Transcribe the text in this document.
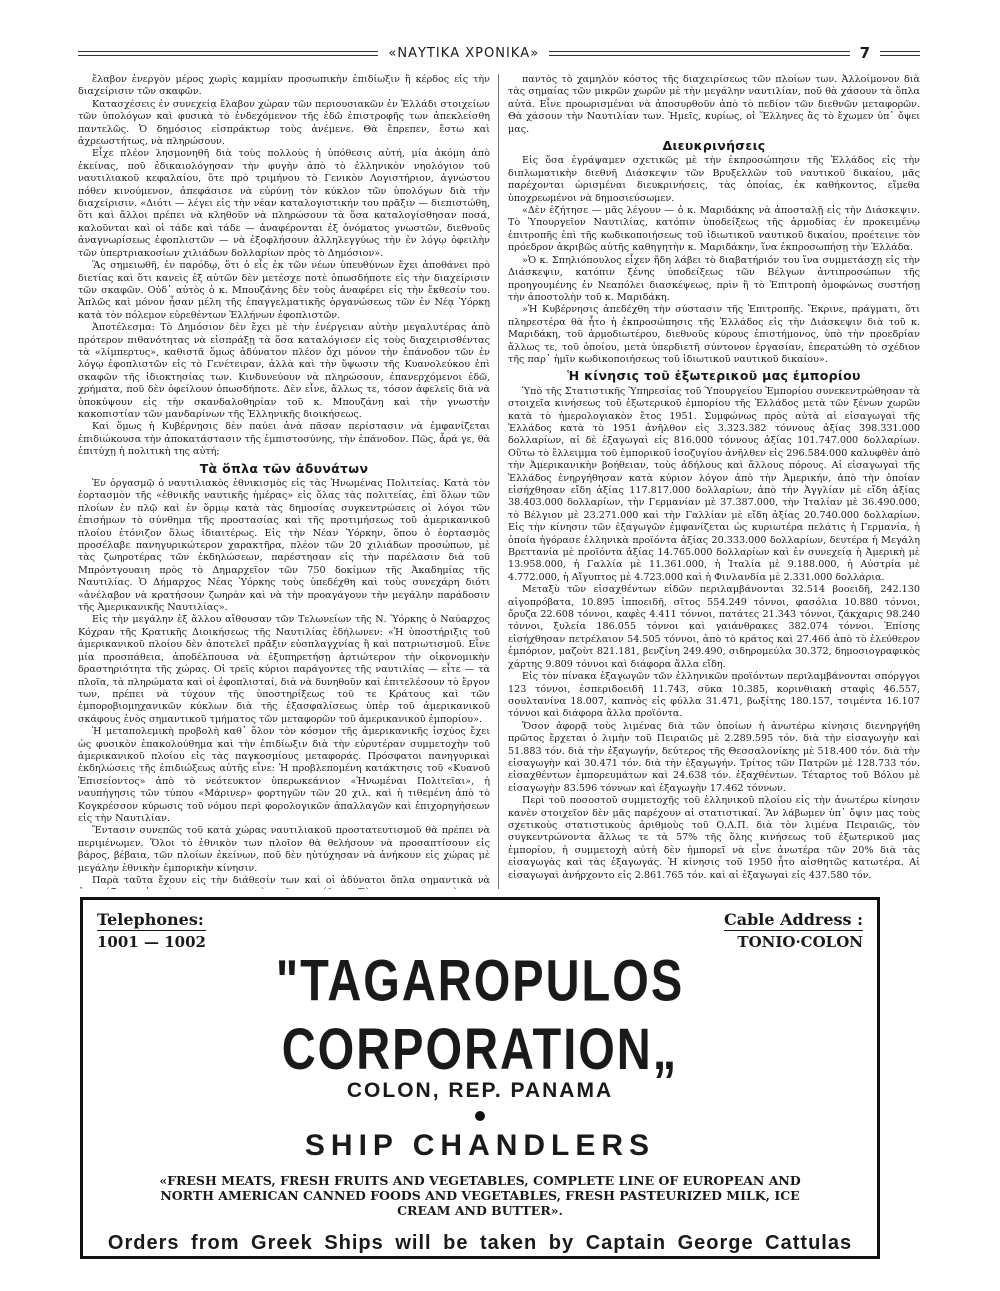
«ΝΑΥΤΙΚΑ ΧΡΟΝΙΚΑ»	7

ἔλαβον ἐνεργὸν μέρος χωρὶς καμμίαν προσωπικὴν ἐπιδίωξιν ἢ κέρδος εἰς τὴν διαχείρισιν τῶν σκαφῶν.

Κατασχέσεις ἐν συνεχείᾳ ἔλαβον χώραν τῶν περιουσιακῶν ἐν Ἑλλάδι στοιχείων τῶν ὑπολόγων καὶ φυσικὰ τὸ ἐνδεχόμενον τῆς ἐδῶ ἐπιστροφῆς των ἀπεκλείσθη παντελῶς. Ὁ δημόσιος εἰσπράκτωρ τοὺς ἀνέμενε. Θὰ ἔπρεπεν, ἔστω καὶ ἀχρεωστήτως, νὰ πληρώσουν.

Εἶχε πλέον λησμονηθῆ διὰ τοὺς πολλοὺς ἡ ὑπόθεσις αὐτή, μία ἀκόμη ἀπὸ ἐκείνας, ποῦ ἐδικαιολόγησαν τὴν φυγὴν ἀπὸ τὸ ἑλληνικὸν νηολόγιον τοῦ ναυτιλιακοῦ κεφαλαίου, ὅτε πρὸ τριμήνου τὸ Γενικὸν Λογιστήριον, ἀγνώστου πόθεν κινούμενον, ἀπεφάσισε νὰ εὐρύνῃ τὸν κύκλον τῶν ὑπολόγων διὰ τὴν διαχείρισιν. «Διότι — λέγει εἰς τὴν νέαν καταλογιστικήν του πρᾶξιν — διεπιστώθη, ὅτι καὶ ἄλλοι πρέπει νὰ κληθοῦν νὰ πληρώσουν τὰ ὅσα καταλογίσθησαν ποσά, καλοῦνται καὶ οἱ τάδε καὶ τάδε — ἀναφέρονται ἐξ ὀνόματος γνωστῶν, διεθνοῦς ἀναγνωρίσεως ἐφοπλιστῶν — νὰ ἐξοφλήσουν ἀλληλεγγύως τὴν ἐν λόγῳ ὀφειλὴν τῶν ὑπερτριακοσίων χιλιάδων δολλαρίων πρὸς τὸ Δημόσιον».

Ἂς σημειωθῆ, ἐν παρόδῳ, ὅτι ὁ εἷς ἐκ τῶν νέων ὑπευθύνων ἔχει ἀποθάνει πρὸ διετίας καὶ ὅτι κανεὶς ἐξ αὐτῶν δὲν μετέσχε ποτὲ ὁπωσδήποτε εἰς τὴν διαχείρισιν τῶν σκαφῶν. Οὐδ᾽ αὐτὸς ὁ κ. Μπουζάνης δὲν τοὺς ἀναφέρει εἰς τὴν ἔκθεσίν του. Ἁπλῶς καὶ μόνον ἦσαν μέλη τῆς ἐπαγγελματικῆς ὀργανώσεως τῶν ἐν Νέᾳ Ὑόρκῃ κατὰ τὸν πόλεμον εὑρεθέντων Ἑλλήνων ἐφοπλιστῶν.

Ἀποτέλεσμα: Τὸ Δημόσιον δὲν ἔχει μὲ τὴν ἐνέργειαν αὐτὴν μεγαλυτέρας ἀπὸ πρότερον πιθανότητας νὰ εἰσπράξῃ τὰ ὅσα καταλόγισεν εἰς τοὺς διαχειρισθέντας τὰ «λίμπερτυς», καθιστᾶ ὅμως ἀδύνατον πλέον ὄχι μόνον τὴν ἐπάνοδον τῶν ἐν λόγῳ ἐφοπλιστῶν εἰς τὸ Γενέτειραν, ἀλλὰ καὶ τὴν ὕψωσιν τῆς Κυανολεύκου ἐπὶ σκαφῶν τῆς ἰδιοκτησίας των. Κινδυνεύουν νὰ πληρώσουν, ἐπανερχόμενοι ἐδῶ, χρήματα, ποῦ δὲν ὀφείλουν ὁπωσδήποτε. Δὲν εἶνε, ἄλλως τε, τόσον ἀφελεῖς διὰ νὰ ὑποκύψουν εἰς τὴν σκανδαλοθηρίαν τοῦ κ. Μπουζάνη καὶ τὴν γνωστὴν κακοπιστίαν τῶν μανδαρίνων τῆς Ἑλληνικῆς διοικήσεως.

Καὶ ὅμως ἡ Κυβέρνησις δὲν παύει ἀνὰ πᾶσαν περίστασιν νὰ ἐμφανίζεται ἐπιδιώκουσα τὴν ἀποκατάστασιν τῆς ἐμπιστοσύνης, τὴν ἐπάνοδον. Πῶς, ἆρά γε, θὰ ἐπιτύχῃ ἡ πολιτικὴ της αὐτή;

Τὰ ὅπλα τῶν ἀδυνάτων

Ἐν ὀργασμῷ ὁ ναυτιλιακὸς ἐθνικισμὸς εἰς τὰς Ἡνωμένας Πολιτείας. Κατὰ τὸν ἑορτασμὸν τῆς «ἐθνικῆς ναυτικῆς ἡμέρας» εἰς ὅλας τὰς πολιτείας, ἐπὶ ὅλων τῶν πλοίων ἐν πλῷ καὶ ἐν ὅρμῳ κατὰ τὰς δημοσίας συγκεντρώσεις οἱ λόγοι τῶν ἐπισήμων τὸ σύνθημα τῆς προστασίας καὶ τῆς προτιμήσεως τοῦ ἀμερικανικοῦ πλοίου ἐτόνιζον ὅλως ἰδιαιτέρως. Εἰς τὴν Νέαν Ὑόρκην, ὅπου ὁ ἑορτασμὸς προσέλαβε πανηγυρικώτερον χαρακτῆρα, πλέον τῶν 20 χιλιάδων προσώπων, μὲ τὰς ζωηροτέρας τῶν ἐκδηλώσεων, παρέστησαν εἰς τὴν παρέλασιν διὰ τοῦ Μπρόντγουαιη πρὸς τὸ Δημαρχεῖον τῶν 750 δοκίμων τῆς Ἀκαδημίας τῆς Ναυτιλίας. Ὁ Δήμαρχος Νέας Ὑόρκης τοὺς ὑπεδέχθη καὶ τοὺς συνεχάρη διότι «ἀνέλαβον νὰ κρατήσουν ζωηρὰν καὶ νὰ τὴν προαγάγουν τὴν μεγάλην παράδοσιν τῆς Ἀμερικανικῆς Ναυτιλίας».

Εἰς τὴν μεγάλην ἐξ ἄλλου αἴθουσαν τῶν Τελωνείων τῆς Ν. Ὑόρκης ὁ Ναύαρχος Κόχραν τῆς Κρατικῆς Διοικήσεως τῆς Ναυτιλίας ἐδήλωνεν: «Ἡ ὑποστήριξις τοῦ ἀμερικανικοῦ πλοίου δὲν ἀποτελεῖ πρᾶξιν εὐσπλαγχνίας ἢ καὶ πατριωτισμοῦ. Εἶνε μία προσπάθεια, ἀποδέλπουσα νὰ ἐξυπηρετήσῃ ἀρτιώτερον τὴν οἰκονομικὴν δραστηριότητα τῆς χώρας. Οἱ τρεῖς κύριοι παράγοντες τῆς ναυτιλίας — εἶτε — τὰ πλοῖα, τὰ πληρώματα καὶ οἱ ἐφοπλισταί, διὰ νὰ δυνηθοῦν καὶ ἐπιτελέσουν τὸ ἔργον των, πρέπει νὰ τύχουν τῆς ὑποστηρίξεως τοῦ τε Κράτους καὶ τῶν ἐμποροβιομηχανικῶν κύκλων διὰ τῆς ἐξασφαλίσεως ὑπὲρ τοῦ ἀμερικανικοῦ σκάφους ἑνὸς σημαντικοῦ τμήματος τῶν μεταφορῶν τοῦ ἀμερικανικοῦ ἐμπορίου».

Ἡ μεταπολεμικὴ προβολὴ καθ᾽ ὅλον τὸν κόσμον τῆς ἀμερικανικῆς ἰσχύος ἔχει ὡς φυσικὸν ἐπακολούθημα καὶ τὴν ἐπιδίωξιν διὰ τὴν εὐρυτέραν συμμετοχὴν τοῦ ἀμερικανικοῦ πλοίου εἰς τὰς παγκοσμίους μεταφοράς. Πρόσφατοι πανηγυρικαὶ ἐκδηλώσεις τῆς ἐπιδιώξεως αὐτῆς εἶνε: Ἡ προβλεπομένη κατάκτησις τοῦ «Κυανοῦ Ἐπισείοντος» ἀπὸ τὸ νεότευκτον ὑπερωκεάνιον «Ἡνωμέναι Πολιτεῖαι», ἡ ναυπήγησις τῶν τύπου «Μάρινερ» φορτηγῶν τῶν 20 χιλ. καὶ ἡ τιθεμένη ἀπὸ τὸ Κογκρέσσον κύρωσις τοῦ νόμου περὶ φορολογικῶν ἀπαλλαγῶν καὶ ἐπιχορηγήσεων εἰς τὴν Ναυτιλίαν.

Ἔντασιν συνεπῶς τοῦ κατὰ χώρας ναυτιλιακοῦ προστατευτισμοῦ θὰ πρέπει νὰ περιμένωμεν. Ὅλοι τὸ ἐθνικὸν των πλοῖον θὰ θελήσουν νὰ προσαπτίσουν εἰς βάρος, βέβαια, τῶν πλοίων ἐκείνων, ποῦ δὲν ηὐτύχησαν νὰ ἀνήκουν εἰς χώρας μὲ μεγάλην ἐθνικὴν ἐμπορικὴν κίνησιν.

Παρὰ ταῦτα ἔχουν εἰς τὴν διάθεσίν των καὶ οἱ ἀδύνατοι ὅπλα σημαντικὰ νὰ

παντὸς τὸ χαμηλὸν κόστος τῆς διαχειρίσεως τῶν πλοίων των. Ἀλλοίμονον διὰ τὰς σημαίας τῶν μικρῶν χωρῶν μὲ τὴν μεγάλην ναυτιλίαν, ποῦ θὰ χάσουν τὰ ὅπλα αὐτά. Εἶνε προωρισμέναι νὰ ἀποσυρθοῦν ἀπὸ τὸ πεδίον τῶν διεθνῶν μεταφορῶν. Θὰ χάσουν τὴν Ναυτιλίαν των. Ἡμεῖς, κυρίως, οἱ Ἕλληνες ἂς τὸ ἔχωμεν ὑπ᾽ ὄψει μας.

Διευκρινήσεις

Εἰς ὅσα ἐγράψαμεν σχετικῶς μὲ τὴν ἐκπροσώπησιν τῆς Ἑλλάδος εἰς τὴν διπλωματικὴν διεθνῆ Διάσκεψιν τῶν Βρυξελλῶν τοῦ ναυτικοῦ δικαίου, μᾶς παρέχονται ὡρισμέναι διευκρινήσεις, τὰς ὁποίας, ἐκ καθήκοντος, εἴμεθα ὑποχρεωμένοι νὰ δημοσιεύσωμεν.

«Δὲν ἐζήτησε — μᾶς λέγουν — ὁ κ. Μαριδάκης νὰ ἀποσταλῇ εἰς τὴν Διάσκεψιν. Τὸ Ὑπουργεῖον Ναυτιλίας, κατόπιν ὑποδείξεως τῆς ἁρμοδίας ἐν προκειμένῳ ἐπιτροπῆς ἐπὶ τῆς κωδικοποιήσεως τοῦ ἰδιωτικοῦ ναυτικοῦ δικαίου, προέτεινε τὸν πρόεδρον ἀκριβῶς αὐτῆς καθηγητὴν κ. Μαριδάκην, ἵνα ἐκπροσωπήσῃ τὴν Ἑλλάδα.

»Ὁ κ. Σπηλιόπουλος εἶχεν ἤδη λάβει τὸ διαβατήριόν του ἵνα συμμετάσχῃ εἰς τὴν Διάσκεψιν, κατόπιν ξένης ὑποδείξεως τῶν Βέλγων ἀντιπροσώπων τῆς προηγουμένης ἐν Νεαπόλει διασκέψεως, πρὶν ἢ τὸ Ἐπιτροπὴ ὁμοφώνως συστήσῃ τὴν ἀποστολὴν τοῦ κ. Μαριδάκη.

»Ἡ Κυβέρνησις ἀπεδέχθη τὴν σύστασιν τῆς Ἐπιτροπῆς. Ἔκρινε, πράγματι, ὅτι πληρεστέρα θὰ ἦτο ἡ ἐκπροσώπησις τῆς Ἑλλάδος εἰς τὴν Διάσκεψιν διὰ τοῦ κ. Μαριδάκη, τοῦ ἁρμοδιωτέρου, διεθνοῦς κύρους ἐπιστήμονος, ὑπὸ τὴν προεδρίαν ἄλλως τε, τοῦ ὁποίου, μετὰ ὑπερδιετῆ σύντονον ἐργασίαν, ἐπερατώθη τὸ σχέδιον τῆς παρ᾽ ἡμῖν κωδικοποιήσεως τοῦ ἰδιωτικοῦ ναυτικοῦ δικαίου».

Ἡ κίνησις τοῦ ἐξωτερικοῦ μας ἐμπορίου

Ὑπὸ τῆς Στατιστικῆς Ὑπηρεσίας τοῦ Ὑπουργείου Ἐμπορίου συνεκεντρώθησαν τὰ στοιχεῖα κινήσεως τοῦ ἐξωτερικοῦ ἐμπορίου τῆς Ἑλλάδος μετὰ τῶν ξένων χωρῶν κατὰ τὸ ἡμερολογιακὸν ἔτος 1951. Συμφώνως πρὸς αὐτὰ αἱ εἰσαγωγαὶ τῆς Ἑλλάδος κατὰ τὸ 1951 ἀνῆλθον εἰς 3.323.382 τόννους ἀξίας 398.331.000 δολλαρίων, αἱ δὲ ἐξαγωγαὶ εἰς 816.000 τόννους ἀξίας 101.747.000 δολλαρίων. Οὕτω τὸ ἔλλειμμα τοῦ ἐμπορικοῦ ἰσοζυγίου ἀνῆλθεν εἰς 296.584.000 καλυφθὲν ἀπὸ τὴν Ἀμερικανικὴν βοήθειαν, τοὺς ἀδήλους καὶ ἄλλους πόρους. Αἱ εἰσαγωγαὶ τῆς Ἑλλάδος ἐνηργήθησαν κατὰ κύριον λόγον ἀπὸ τὴν Ἀμερικήν, ἀπὸ τὴν ὁποίαν εἰσήχθησαν εἴδη ἀξίας 117.817.000 δολλαρίων, ἀπὸ τὴν Ἀγγλίαν μὲ εἴδη ἀξίας 38.403.000 δολλαρίων, τὴν Γερμανίαν μὲ 37.387.000, τὴν Ἰταλίαν μὲ 36.490.000, τὸ Βέλγιον μὲ 23.271.000 καὶ τὴν Γαλλίαν μὲ εἴδη ἀξίας 20.740.000 δολλαρίων. Εἰς τὴν κίνησιν τῶν ἐξαγωγῶν ἐμφανίζεται ὡς κυριωτέρα πελάτις ἡ Γερμανία, ἡ ὁποία ἠγόρασε ἑλληνικὰ προϊόντα ἀξίας 20.333.000 δολλαρίων, δευτέρα ἡ Μεγάλη Βρεττανία μὲ προϊόντα ἀξίας 14.765.000 δολλαρίων καὶ ἐν συνεχείᾳ ἡ Ἀμερικὴ μὲ 13.958.000, ἡ Γαλλία μὲ 11.361.000, ἡ Ἰταλία μὲ 9.188.000, ἡ Αὐστρία μὲ 4.772.000, ἡ Αἴγυπτος μὲ 4.723.000 καὶ ἡ Φινλανδία μὲ 2.331.000 δολλάρια.

Μεταξὺ τῶν εἰσαχθέντων εἰδῶν περιλαμβάνονται 32.514 βοοειδῆ, 242.130 αἰγοπρόβατα, 10.895 ἱπποειδῆ, σῖτος 554.249 τόννοι, φασόλια 10.880 τόννοι, ὄρυζα 22.608 τόννοι, καφὲς 4.411 τόννοι, πατάτες 21.343 τόννοι, ζάκχαρις 98.240 τόννοι, ξυλεία 186.055 τόννοι καὶ γαιάνθρακες 382.074 τόννοι. Ἐπίσης εἰσήχθησαν πετρέλαιον 54.505 τόννοι, ἀπὸ τὸ κράτος καὶ 27.466 ἀπὸ τὸ ἐλεύθερον ἐμπόριον, μαζοὺτ 821.181, βενζίνη 249.490, σιδηρομεύλα 30.372, δημοσιογραφικὸς χάρτης 9.809 τόννοι καὶ διάφορα ἄλλα εἴδη.

Εἰς τὸν πίνακα ἐξαγωγῶν τῶν ἑλληνικῶν προϊόντων περιλαμβάνονται σπόργγοι 123 τόννοι, ἐσπεριδοειδῆ 11.743, σῦκα 10.385, κορινθιακὴ σταφὶς 46.557, σουλτανίνα 18.007, καπνὸς εἰς φύλλα 31.471, βωξίτης 180.157, τσιμέντα 16.107 τόννοι καὶ διάφορα ἄλλα προϊόντα.

Ὅσον ἀφορᾷ τοὺς λιμένας διὰ τῶν ὁποίων ἡ ἀνωτέρω κίνησις διενηργήθη πρῶτος ἔρχεται ὁ λιμὴν τοῦ Πειραιῶς μὲ 2.289.595 τόν. διὰ τὴν εἰσαγωγὴν καὶ 51.883 τόν. διὰ τὴν ἐξαγωγήν, δεύτερος τῆς Θεσσαλονίκης μὲ 518.400 τόν. διὰ τὴν εἰσαγωγὴν καὶ 30.471 τόν. διὰ τὴν ἐξαγωγήν. Τρίτος τῶν Πατρῶν μὲ 128.733 τόν. εἰσαχθέντων ἐμπορευμάτων καὶ 24.638 τόν. ἐξαχθέντων. Τέταρτος τοῦ Βόλου μὲ εἰσαγωγὴν 83.596 τόννων καὶ ἐξαγωγὴν 17.462 τόννων.

Περὶ τοῦ ποσοστοῦ συμμετοχῆς τοῦ ἑλληνικοῦ πλοίου εἰς τὴν ἀνωτέρω κίνησιν κανὲν στοιχεῖον δὲν μᾶς παρέχουν αἱ στατιστικαί. Ἂν λάβωμεν ὑπ᾽ ὄψιν μας τοὺς σχετικοὺς στατιστικοὺς ἀριθμοὺς τοῦ Ο.Λ.Π. διὰ τὸν λιμένα Πειραιῶς, τὸν συγκεντρώνοντα ἄλλως τε τὰ 57% τῆς ὅλης κινήσεως τοῦ ἐξωτερικοῦ μας ἐμπορίου, ἡ συμμετοχὴ αὐτὴ δὲν ἠμπορεῖ νὰ εἶνε ἀνωτέρα τῶν 20% διὰ τὰς εἰσαγωγὰς καὶ τὰς ἐξαγωγάς. Ἡ κίνησις τοῦ 1950 ἦτο αἰσθητῶς κατωτέρα. Αἱ εἰσαγωγαὶ ἀνήρχοντο εἰς 2.861.765 τόν. καὶ αἱ ἐξαγωγαὶ εἰς 437.580 τόν.

Telephones:
1001 — 1002
Cable Address :
TONIO·COLON
"TAGAROPULOS CORPORATION„
COLON, REP. PANAMA
SHIP CHANDLERS
«FRESH MEATS, FRESH FRUITS AND VEGETABLES, COMPLETE LINE OF EUROPEAN AND NORTH AMERICAN CANNED FOODS AND VEGETABLES, FRESH PASTEURIZED MILK, ICE CREAM AND BUTTER».
Orders from Greek Ships will be taken by Captain George Cattulas
